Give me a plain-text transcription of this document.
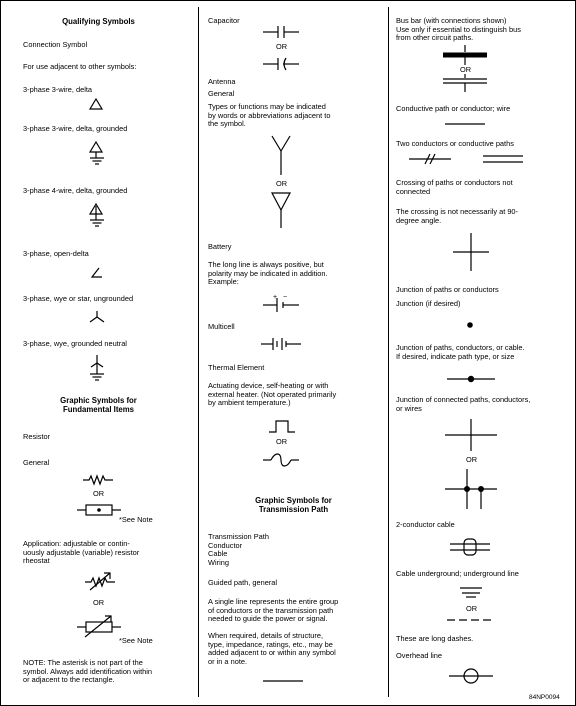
Qualifying Symbols
Connection Symbol
For use adjacent to other symbols:
3-phase 3-wire, delta
3-phase 3-wire, delta, grounded
3-phase 4-wire, delta, grounded
3-phase, open-delta
3-phase, wye or star, ungrounded
3-phase, wye, grounded neutral
Graphic Symbols for
Fundamental Items
Resistor
General
OR
*See Note
Application: adjustable or contin-
uously adjustable (variable) resistor
rheostat
OR
*See Note
NOTE: The asterisk is not part of the
symbol. Always add identification within
or adjacent to the rectangle.
Capacitor
OR
Antenna
General
Types or functions may be indicated
by words or abbreviations adjacent to
the symbol.
OR
Battery
The long line is always positive, but
polarity may be indicated in addition.
Example:
+ −
Multicell
Thermal Element
Actuating device, self-heating or with
external heater. (Not operated primarily
by ambient temperature.)
OR
Graphic Symbols for
Transmission Path
Transmission Path
Conductor
Cable
Wiring
Guided path, general
A single line represents the entire group
of conductors or the transmission path
needed to guide the power or signal.
When required, details of structure,
type, impedance, ratings, etc., may be
added adjacent to or within any symbol
or in a note.
Bus bar (with connections shown)
Use only if essential to distinguish bus
from other circuit paths.
OR
Conductive path or conductor; wire
Two conductors or conductive paths
Crossing of paths or conductors not
connected
The crossing is not necessarily at 90-
degree angle.
Junction of paths or conductors
Junction (if desired)
Junction of paths, conductors, or cable.
If desired, indicate path type, or size
Junction of connected paths, conductors,
or wires
OR
2-conductor cable
Cable underground; underground line
OR
These are long dashes.
Overhead line
84NP0094
